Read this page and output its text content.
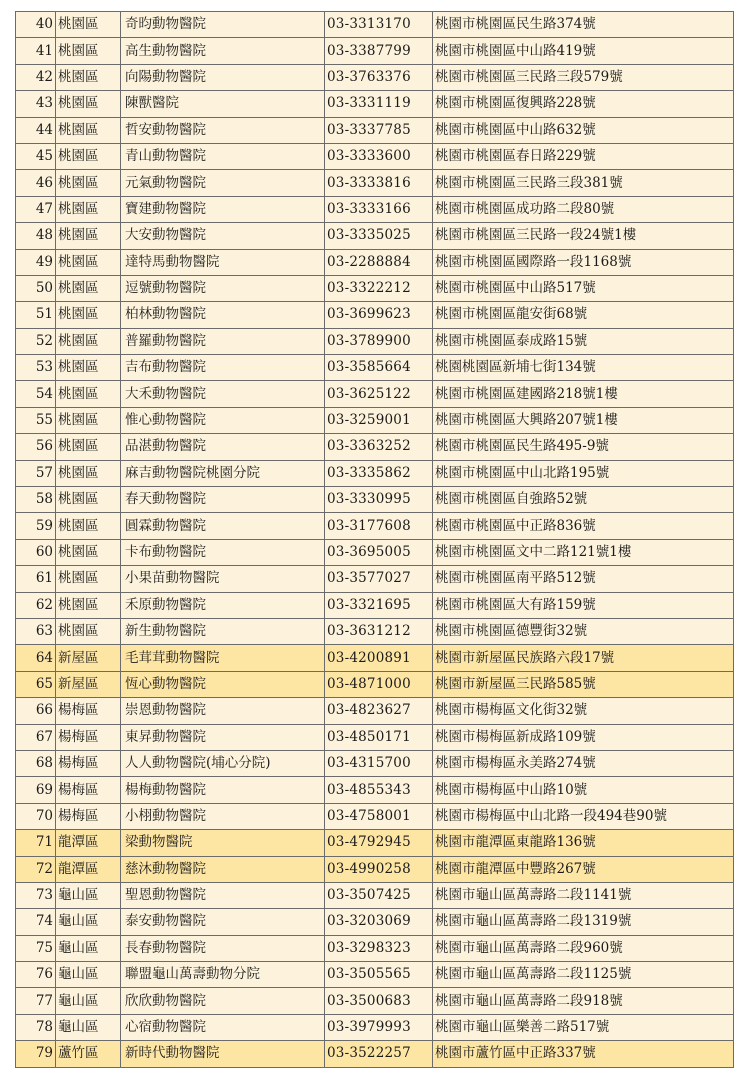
40	桃園區	奇昀動物醫院	03-3313170	桃園市桃園區民生路374號
41	桃園區	高生動物醫院	03-3387799	桃園市桃園區中山路419號
42	桃園區	向陽動物醫院	03-3763376	桃園市桃園區三民路三段579號
43	桃園區	陳獸醫院	03-3331119	桃園市桃園區復興路228號
44	桃園區	哲安動物醫院	03-3337785	桃園市桃園區中山路632號
45	桃園區	青山動物醫院	03-3333600	桃園市桃園區春日路229號
46	桃園區	元氣動物醫院	03-3333816	桃園市桃園區三民路三段381號
47	桃園區	寶建動物醫院	03-3333166	桃園市桃園區成功路二段80號
48	桃園區	大安動物醫院	03-3335025	桃園市桃園區三民路一段24號1樓
49	桃園區	達特馬動物醫院	03-2288884	桃園市桃園區國際路一段1168號
50	桃園區	逗號動物醫院	03-3322212	桃園市桃園區中山路517號
51	桃園區	柏林動物醫院	03-3699623	桃園市桃園區龍安街68號
52	桃園區	普羅動物醫院	03-3789900	桃園市桃園區泰成路15號
53	桃園區	吉布動物醫院	03-3585664	桃園桃園區新埔七街134號
54	桃園區	大禾動物醫院	03-3625122	桃園市桃園區建國路218號1樓
55	桃園區	惟心動物醫院	03-3259001	桃園市桃園區大興路207號1樓
56	桃園區	品湛動物醫院	03-3363252	桃園市桃園區民生路495-9號
57	桃園區	麻吉動物醫院桃園分院	03-3335862	桃園市桃園區中山北路195號
58	桃園區	春天動物醫院	03-3330995	桃園市桃園區自強路52號
59	桃園區	圓霖動物醫院	03-3177608	桃園市桃園區中正路836號
60	桃園區	卡布動物醫院	03-3695005	桃園市桃園區文中二路121號1樓
61	桃園區	小果苗動物醫院	03-3577027	桃園市桃園區南平路512號
62	桃園區	禾原動物醫院	03-3321695	桃園市桃園區大有路159號
63	桃園區	新生動物醫院	03-3631212	桃園市桃園區德豐街32號
64	新屋區	毛茸茸動物醫院	03-4200891	桃園市新屋區民族路六段17號
65	新屋區	恆心動物醫院	03-4871000	桃園市新屋區三民路585號
66	楊梅區	崇恩動物醫院	03-4823627	桃園市楊梅區文化街32號
67	楊梅區	東昇動物醫院	03-4850171	桃園市楊梅區新成路109號
68	楊梅區	人人動物醫院(埔心分院)	03-4315700	桃園市楊梅區永美路274號
69	楊梅區	楊梅動物醫院	03-4855343	桃園市楊梅區中山路10號
70	楊梅區	小栩動物醫院	03-4758001	桃園市楊梅區中山北路一段494巷90號
71	龍潭區	梁動物醫院	03-4792945	桃園市龍潭區東龍路136號
72	龍潭區	慈沐動物醫院	03-4990258	桃園市龍潭區中豐路267號
73	龜山區	聖恩動物醫院	03-3507425	桃園市龜山區萬壽路二段1141號
74	龜山區	泰安動物醫院	03-3203069	桃園市龜山區萬壽路二段1319號
75	龜山區	長春動物醫院	03-3298323	桃園市龜山區萬壽路二段960號
76	龜山區	聯盟龜山萬壽動物分院	03-3505565	桃園市龜山區萬壽路二段1125號
77	龜山區	欣欣動物醫院	03-3500683	桃園市龜山區萬壽路二段918號
78	龜山區	心宿動物醫院	03-3979993	桃園市龜山區樂善二路517號
79	蘆竹區	新時代動物醫院	03-3522257	桃園市蘆竹區中正路337號
